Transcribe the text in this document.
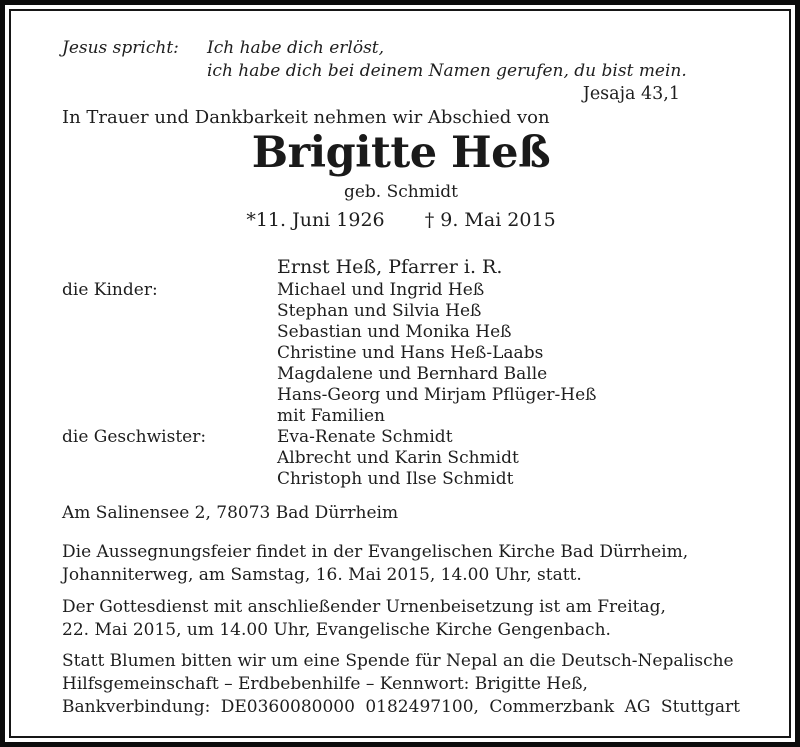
Jesus spricht:	Ich habe dich erlöst,
ich habe dich bei deinem Namen gerufen, du bist mein.
Jesaja 43,1
In Trauer und Dankbarkeit nehmen wir Abschied von
Brigitte Heß
geb. Schmidt
*11. Juni 1926 † 9. Mai 2015
Ernst Heß, Pfarrer i. R.
die Kinder:	Michael und Ingrid Heß
Stephan und Silvia Heß
Sebastian und Monika Heß
Christine und Hans Heß-Laabs
Magdalene und Bernhard Balle
Hans-Georg und Mirjam Pflüger-Heß
mit Familien
die Geschwister:	Eva-Renate Schmidt
Albrecht und Karin Schmidt
Christoph und Ilse Schmidt
Am Salinensee 2, 78073 Bad Dürrheim
Die Aussegnungsfeier findet in der Evangelischen Kirche Bad Dürrheim,
Johanniterweg, am Samstag, 16. Mai 2015, 14.00 Uhr, statt.
Der Gottesdienst mit anschließender Urnenbeisetzung ist am Freitag,
22. Mai 2015, um 14.00 Uhr, Evangelische Kirche Gengenbach.
Statt Blumen bitten wir um eine Spende für Nepal an die Deutsch-Nepalische
Hilfsgemeinschaft – Erdbebenhilfe – Kennwort: Brigitte Heß,
Bankverbindung: DE0360080000 0182497100, Commerzbank AG Stuttgart
